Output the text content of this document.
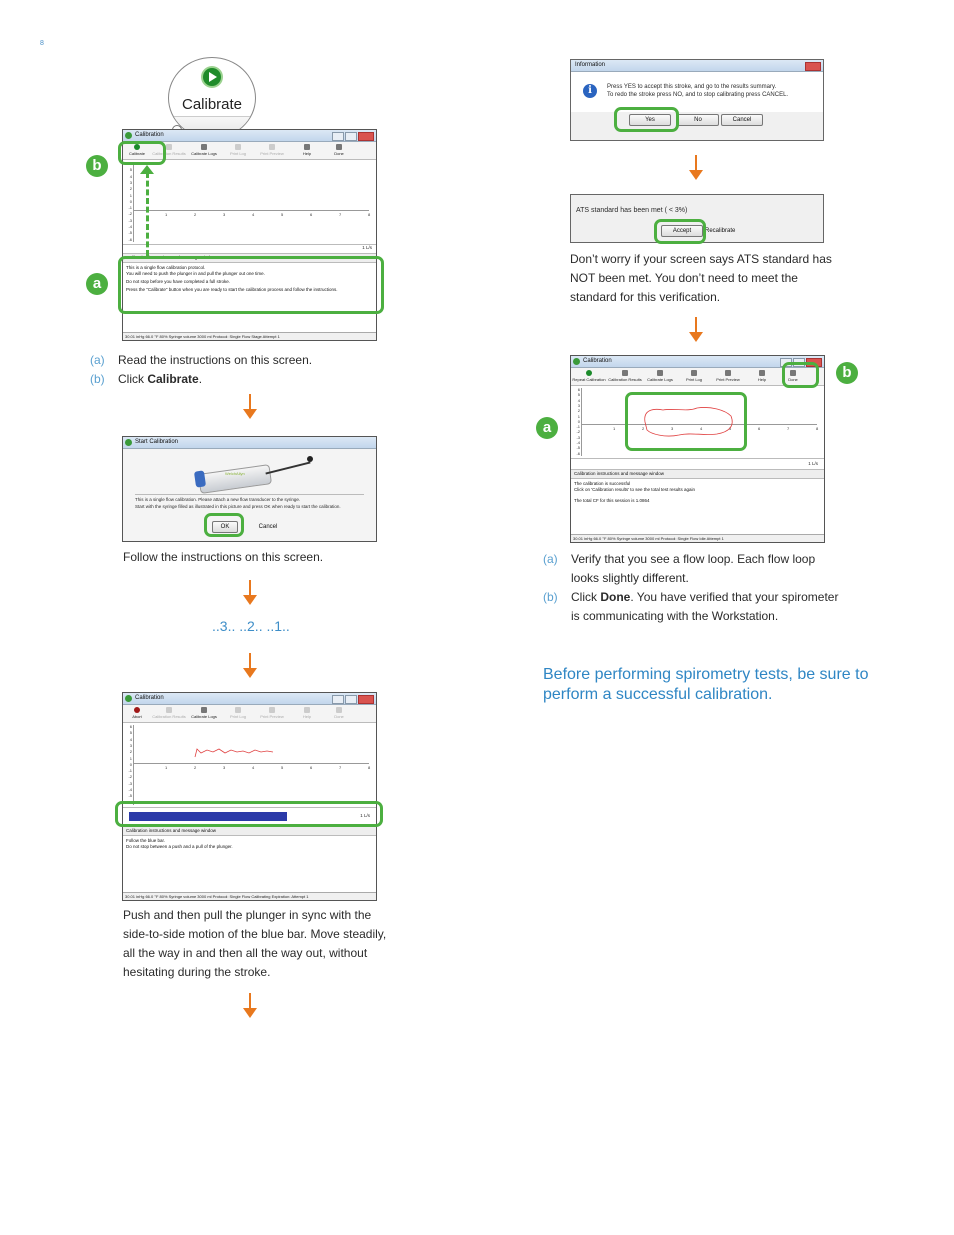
8
Calibrate
Calibration
Calibrate	Calibration Results	Calibrate Logs	Print Log	Print Preview	Help	Done
6
5
4
3
2
1
0
-1
-2
-3
-4
-5
-6
1	2	3	4	5	6	7	8
1 L/s
Calibration instructions and message window
This is a single flow calibration protocol.
You will need to push the plunger in and pull the plunger out one time.
Do not stop before you have completed a full stroke.
Press the "Calibrate" button when you are ready to start the calibration process and follow the instructions.
30.01 inHg 66.0 °F 80% Syringe volume 3000 ml Protocol: Single Flow Stage Attempt 1
b
a
(a) Read the instructions on this screen.
(b) Click Calibrate.
Start Calibration
WelchAllyn
This is a single flow calibration. Please attach a new flow transducer to the syringe.
Start with the syringe filled as illustrated in this picture and press OK when ready to start the calibration.
OK	Cancel
Follow the instructions on this screen.
..3.. ..2.. ..1..
Calibration
Abort	Calibration Results	Calibrate Logs	Print Log	Print Preview	Help	Done
6
5
4
3
2
1
0
-1
-2
-3
-4
-5
-6
1	2	3	4	5	6	7	8
1 L/s
Calibration instructions and message window
Follow the blue bar.
Do not stop between a push and a pull of the plunger.
30.01 inHg 66.0 °F 80% Syringe volume 3000 ml Protocol: Single Flow Calibrating Expiration: Attempt 1
Push and then pull the plunger in sync with the side-to-side motion of the blue bar. Move steadily, all the way in and then all the way out, without hesitating during the stroke.
Information
i	Press YES to accept this stroke, and go to the results summary.
To redo the stroke press NO, and to stop calibrating press CANCEL.
Yes	No	Cancel
ATS standard has been met ( < 3%)
Accept	Recalibrate
Don’t worry if your screen says ATS standard has NOT been met. You don’t need to meet the standard for this verification.
Calibration
Repeat Calibration Calibration Results	Calibrate Logs	Print Log	Print Preview	Help	Done
6
5
4
3
2
1
0
-1
-2
-3
-4
-5
-6
1	2	3	4	5	6	7	8
1 L/s
Calibration instructions and message window
The calibration is successful
Click on 'Calibration results' to see the total test results again
The total CF for this session is 1.0864
30.01 inHg 66.0 °F 80% Syringe volume 3000 ml Protocol: Single Flow Idle Attempt 1
b
a
(a)	Verify that you see a flow loop. Each flow loop looks slightly different.
(b)	Click Done. You have verified that your spirometer is communicating with the Workstation.
Before performing spirometry tests, be sure to perform a successful calibration.
